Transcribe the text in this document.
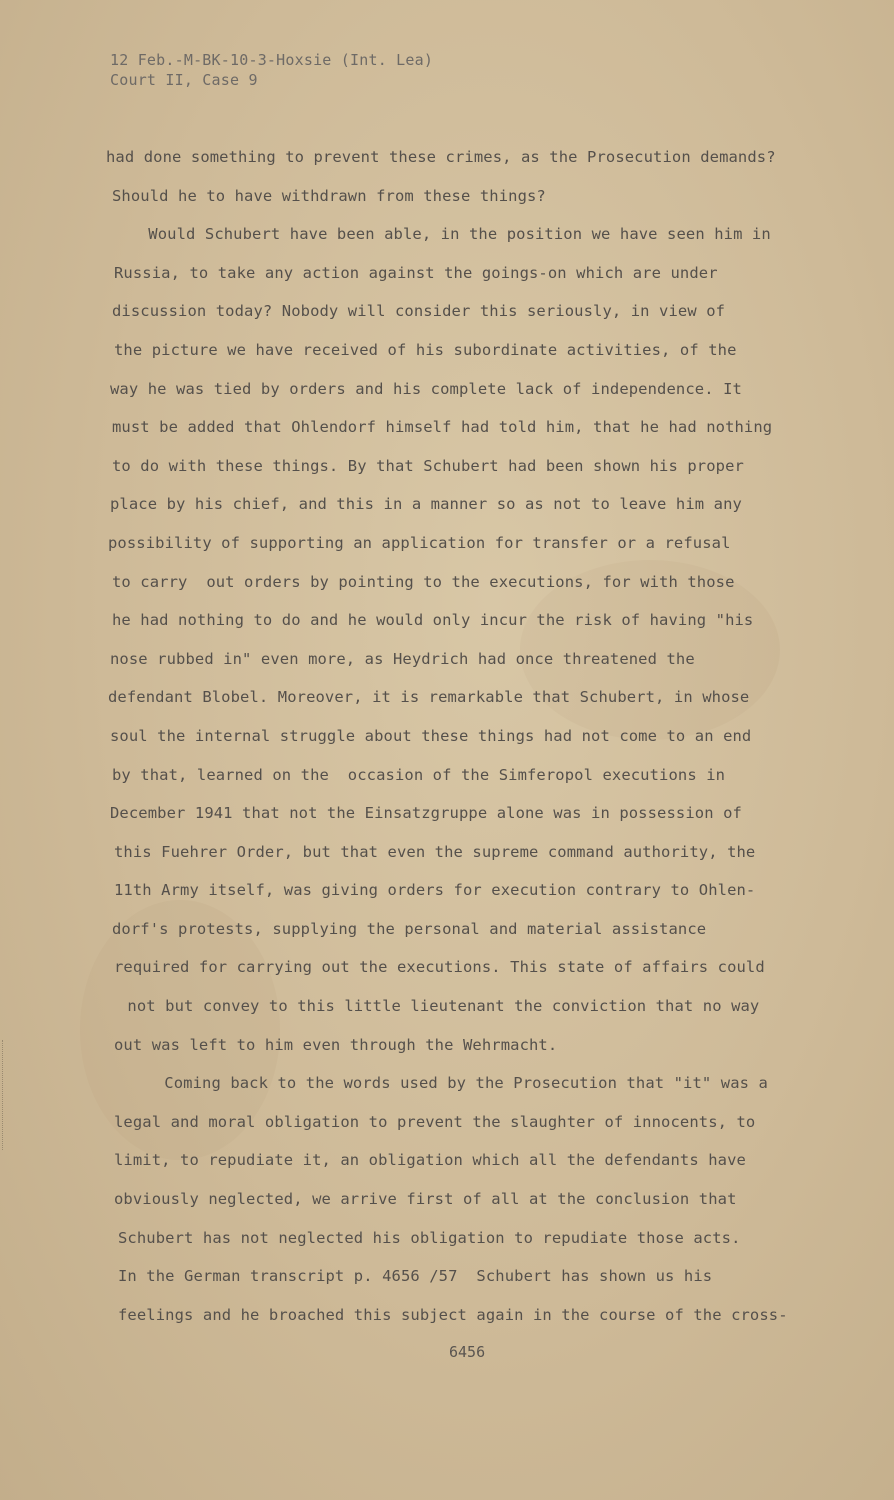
12 Feb.-M-BK-10-3-Hoxsie (Int. Lea)
Court II, Case 9
had done something to prevent these crimes, as the Prosecution demands?
Should he to have withdrawn from these things?
Would Schubert have been able, in the position we have seen him in
Russia, to take any action against the goings-on which are under
discussion today? Nobody will consider this seriously, in view of
the picture we have received of his subordinate activities, of the
way he was tied by orders and his complete lack of independence. It
must be added that Ohlendorf himself had told him, that he had nothing
to do with these things. By that Schubert had been shown his proper
place by his chief, and this in a manner so as not to leave him any
possibility of supporting an application for transfer or a refusal
to carry  out orders by pointing to the executions, for with those
he had nothing to do and he would only incur the risk of having "his
nose rubbed in" even more, as Heydrich had once threatened the
defendant Blobel. Moreover, it is remarkable that Schubert, in whose
soul the internal struggle about these things had not come to an end
by that, learned on the  occasion of the Simferopol executions in
December 1941 that not the Einsatzgruppe alone was in possession of
this Fuehrer Order, but that even the supreme command authority, the
11th Army itself, was giving orders for execution contrary to Ohlen-
dorf's protests, supplying the personal and material assistance
required for carrying out the executions. This state of affairs could
not but convey to this little lieutenant the conviction that no way
out was left to him even through the Wehrmacht.
Coming back to the words used by the Prosecution that "it" was a
legal and moral obligation to prevent the slaughter of innocents, to
limit, to repudiate it, an obligation which all the defendants have
obviously neglected, we arrive first of all at the conclusion that
Schubert has not neglected his obligation to repudiate those acts.
In the German transcript p. 4656 /57  Schubert has shown us his
feelings and he broached this subject again in the course of the cross-
6456
